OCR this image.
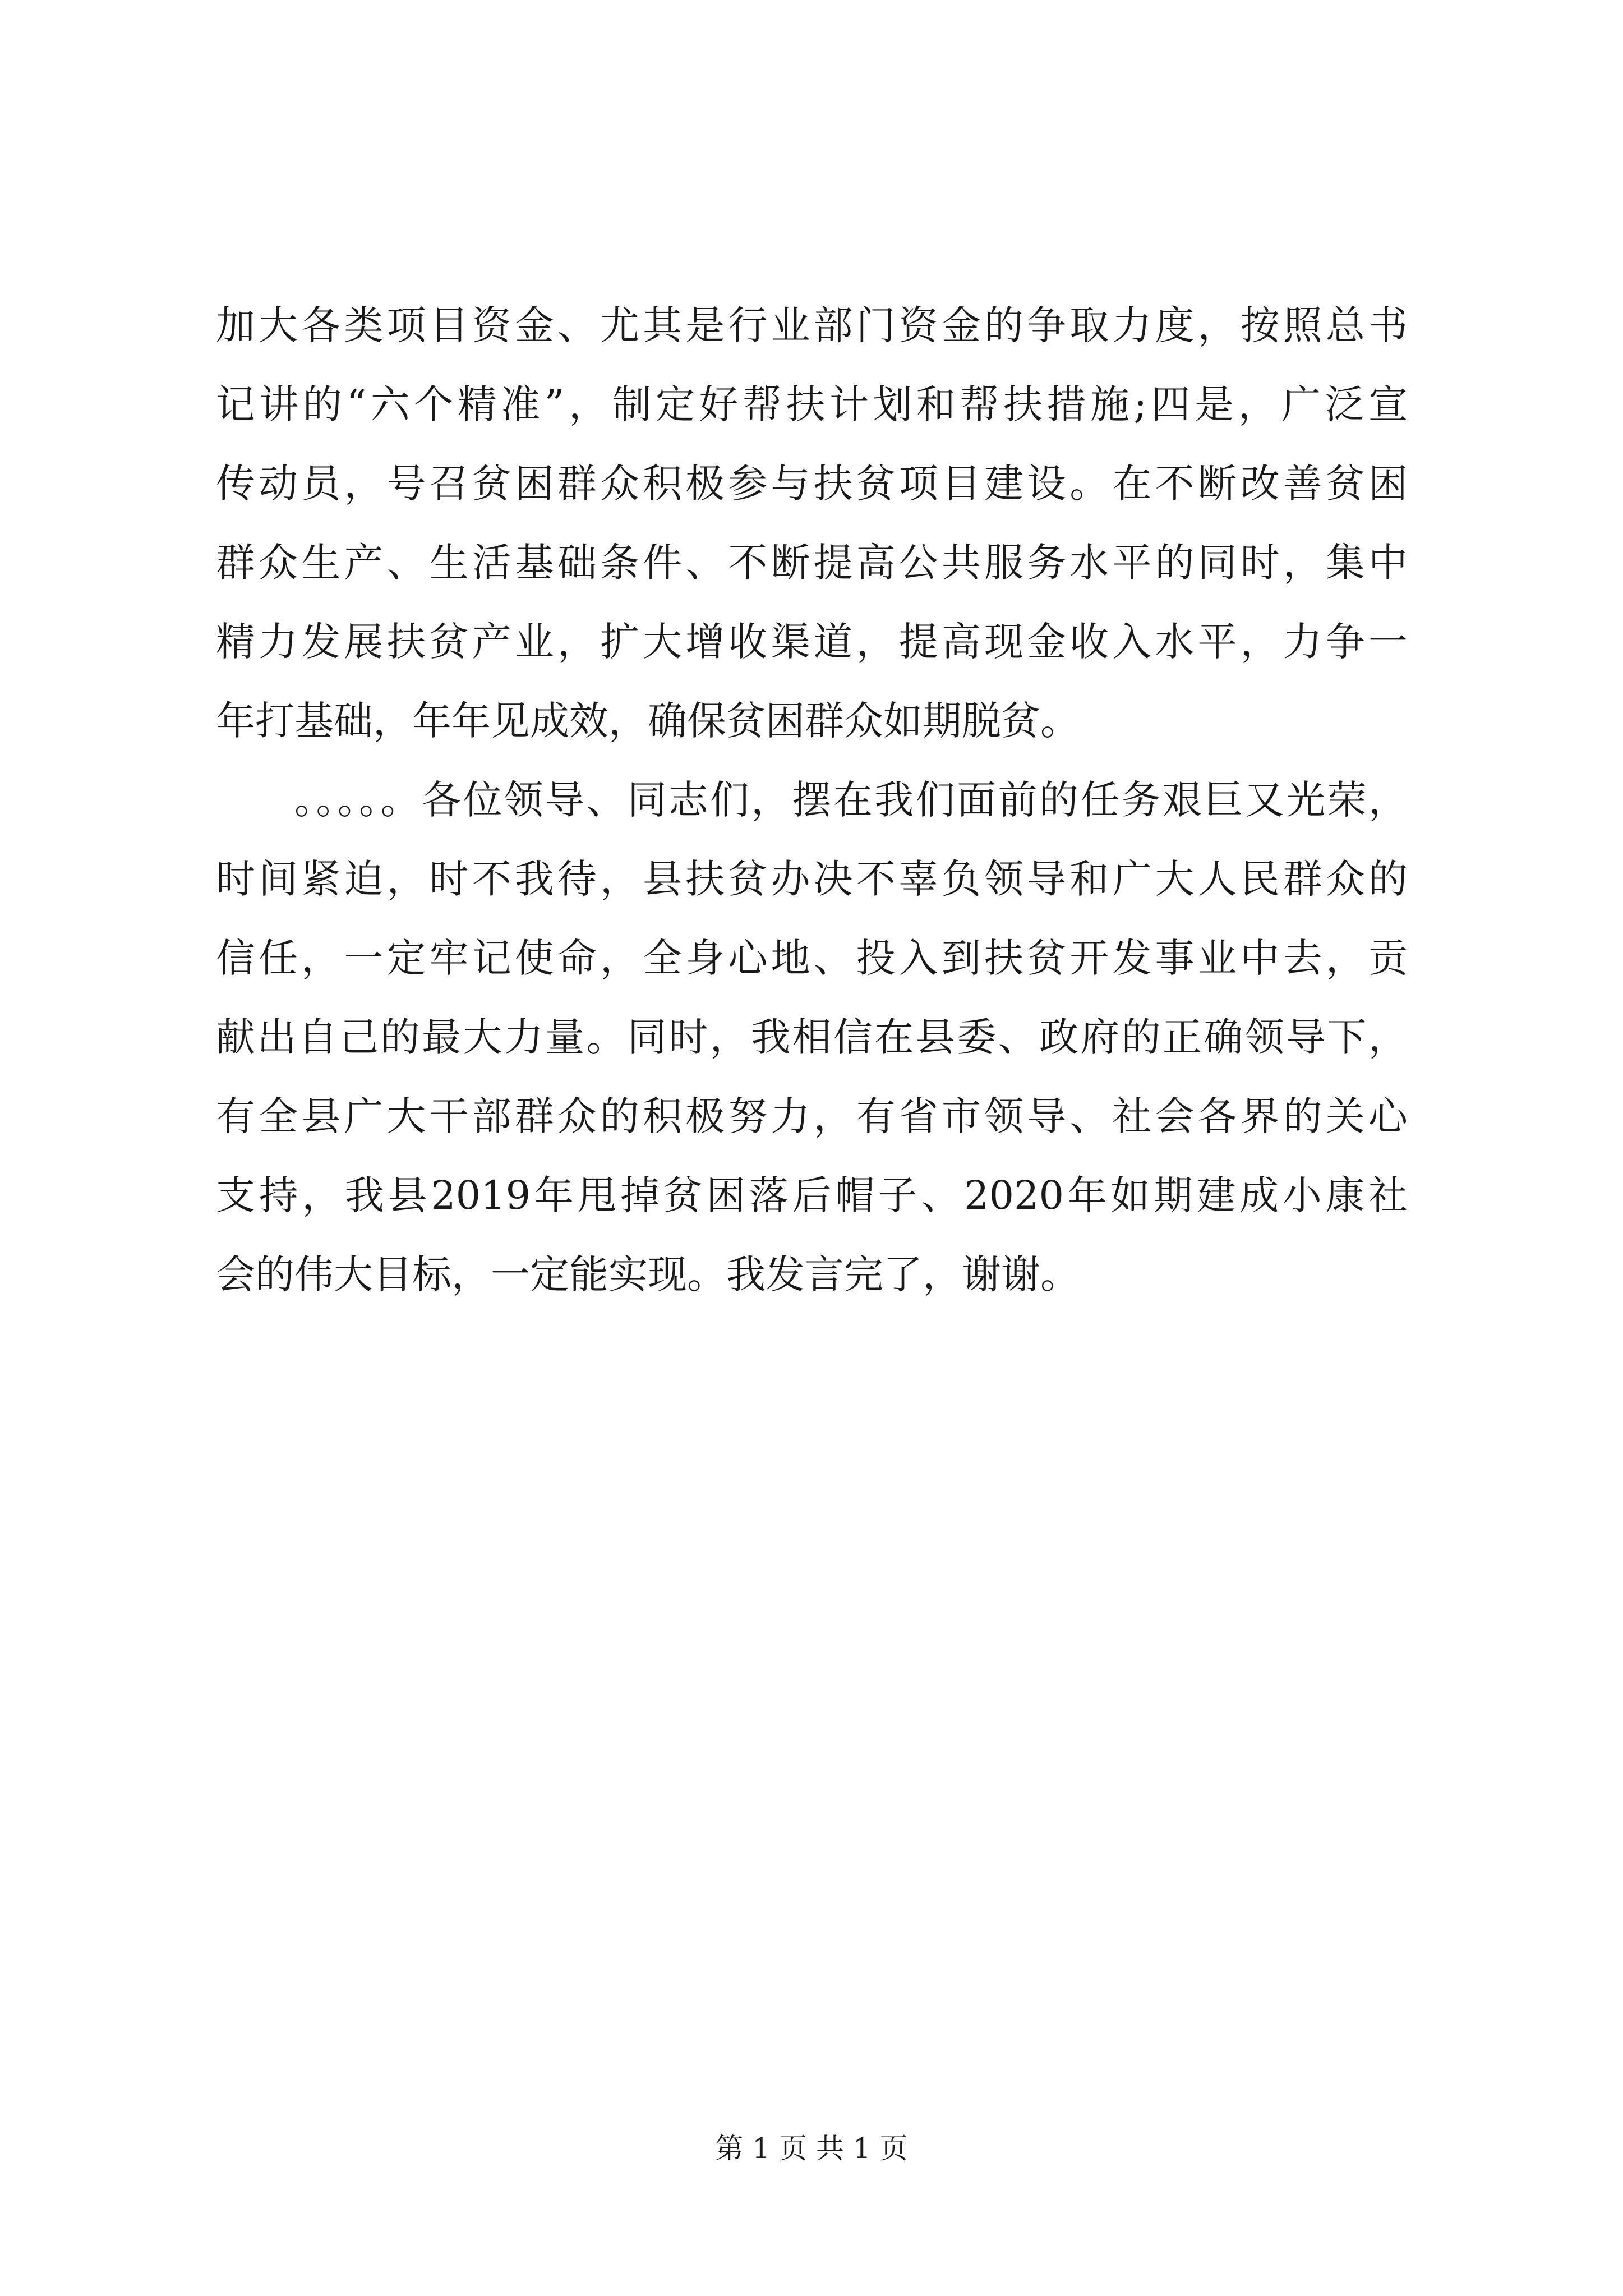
加大各类项目资金、尤其是行业部门资金的争取力度，按照总书
记讲的“六个精准”，制定好帮扶计划和帮扶措施;四是，广泛宣
传动员，号召贫困群众积极参与扶贫项目建设。在不断改善贫困
群众生产、生活基础条件、不断提高公共服务水平的同时，集中
精力发展扶贫产业，扩大增收渠道，提高现金收入水平，力争一
年打基础，年年见成效，确保贫困群众如期脱贫。
。。。。。各位领导、同志们，摆在我们面前的任务艰巨又光荣，
时间紧迫，时不我待，县扶贫办决不辜负领导和广大人民群众的
信任，一定牢记使命，全身心地、投入到扶贫开发事业中去，贡
献出自己的最大力量。同时，我相信在县委、政府的正确领导下，
有全县广大干部群众的积极努力，有省市领导、社会各界的关心
支持，我县2019年甩掉贫困落后帽子、2020年如期建成小康社
会的伟大目标，一定能实现。我发言完了，谢谢。
第 1 页 共 1 页
